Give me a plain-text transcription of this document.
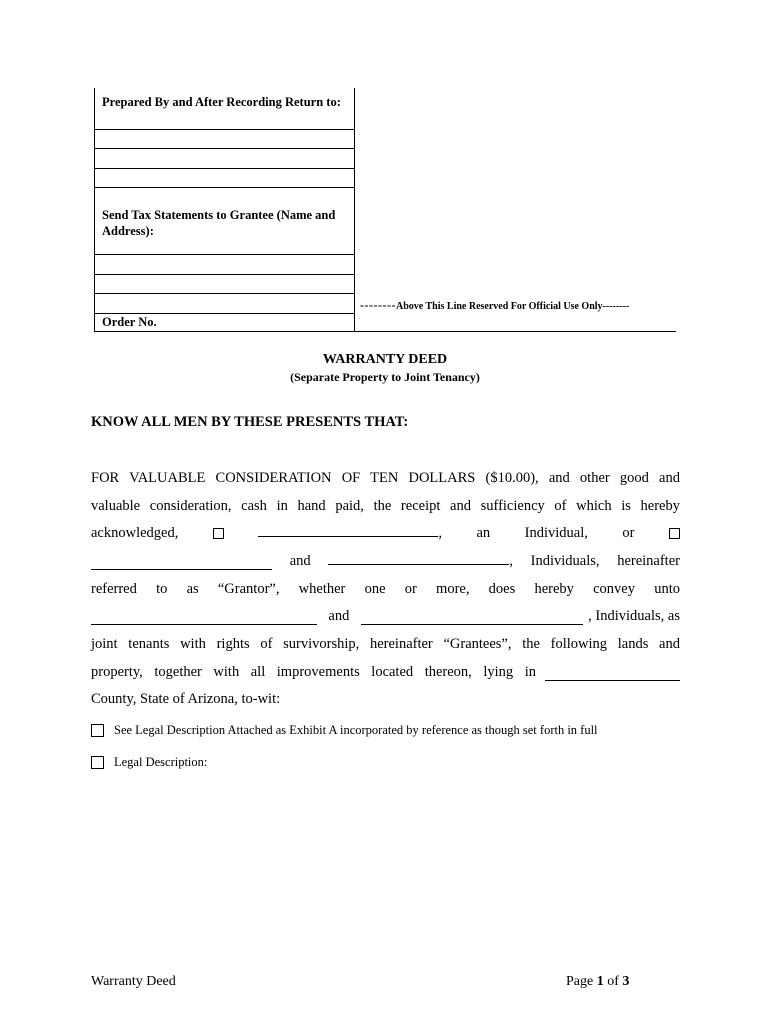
Prepared By and After Recording Return to:
Send Tax Statements to Grantee (Name and Address):
Order No.
--------Above This Line Reserved For Official Use Only--------
WARRANTY DEED
(Separate Property to Joint Tenancy)
KNOW ALL MEN BY THESE PRESENTS THAT:
FOR VALUABLE CONSIDERATION OF TEN DOLLARS ($10.00), and other good and
valuable consideration, cash in hand paid, the receipt and sufficiency of which is hereby
acknowledged,	, an Individual, or
and	, Individuals, hereinafter
referred to as “Grantor”, whether one or more, does hereby convey unto
and	, Individuals, as
joint tenants with rights of survivorship, hereinafter “Grantees”, the following lands and
property, together with all improvements located thereon, lying in
County, State of Arizona, to-wit:
See Legal Description Attached as Exhibit A incorporated by reference as though set forth in full
Legal Description:
Warranty Deed	Page 1 of 3
